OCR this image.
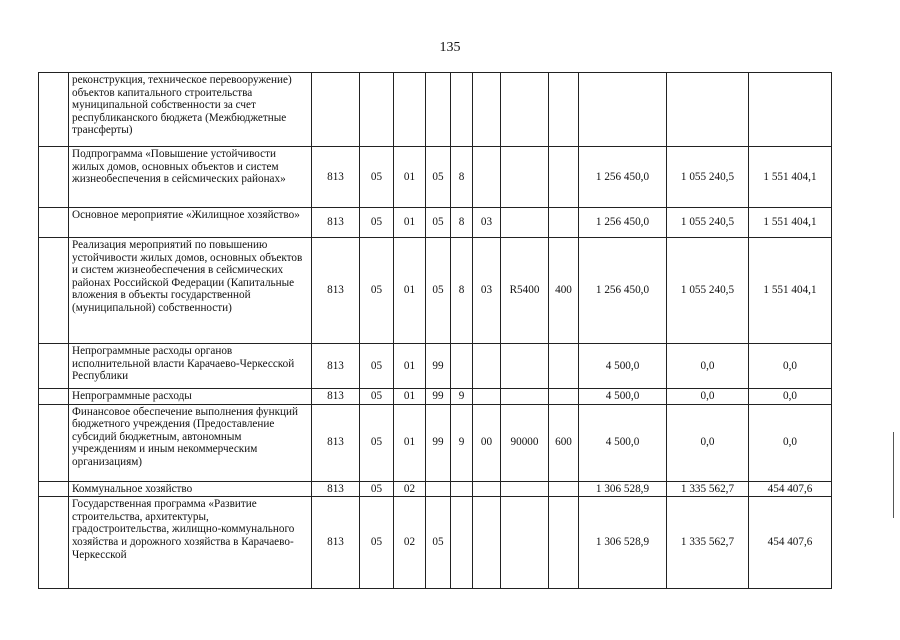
135
	реконструкция, техническое перевооружение) объектов капитального строительства муниципальной собственности за счет республиканского бюджета (Межбюджетные трансферты)											
	Подпрограмма «Повышение устойчивости жилых домов, основных объектов и систем жизнеобеспечения в сейсмических районах»	813	05	01	05	8				1 256 450,0	1 055 240,5	1 551 404,1
	Основное мероприятие «Жилищное хозяйство»	813	05	01	05	8	03			1 256 450,0	1 055 240,5	1 551 404,1
	Реализация мероприятий по повышению устойчивости жилых домов, основных объектов и систем жизнеобеспечения в сейсмических районах Российской Федерации (Капитальные вложения в объекты государственной (муниципальной) собственности)	813	05	01	05	8	03	R5400	400	1 256 450,0	1 055 240,5	1 551 404,1
	Непрограммные расходы органов исполнительной власти Карачаево-Черкесской Республики	813	05	01	99					4 500,0	0,0	0,0
	Непрограммные расходы	813	05	01	99	9				4 500,0	0,0	0,0
	Финансовое обеспечение выполнения функций бюджетного учреждения (Предоставление субсидий бюджетным, автономным учреждениям и иным некоммерческим организациям)	813	05	01	99	9	00	90000	600	4 500,0	0,0	0,0
	Коммунальное хозяйство	813	05	02						1 306 528,9	1 335 562,7	454 407,6
	Государственная программа «Развитие строительства, архитектуры, градостроительства, жилищно-коммунального хозяйства и дорожного хозяйства в Карачаево-Черкесской	813	05	02	05					1 306 528,9	1 335 562,7	454 407,6
